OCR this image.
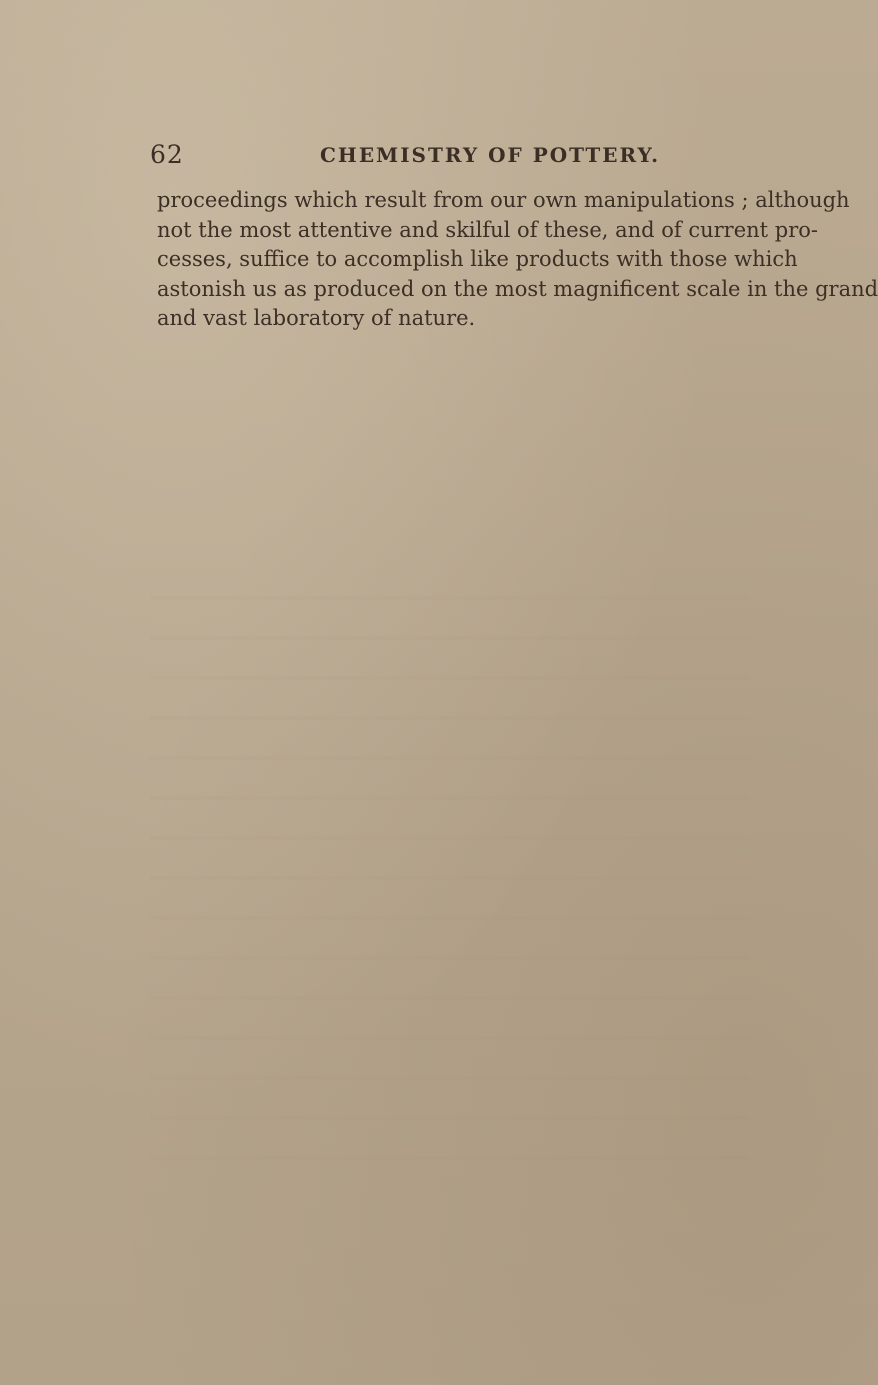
62	CHEMISTRY OF POTTERY.
proceedings which result from our own manipulations ; although
not the most attentive and skilful of these, and of current pro-
cesses, suffice to accomplish like products with those which
astonish us as produced on the most magnificent scale in the grand
and vast laboratory of nature.
